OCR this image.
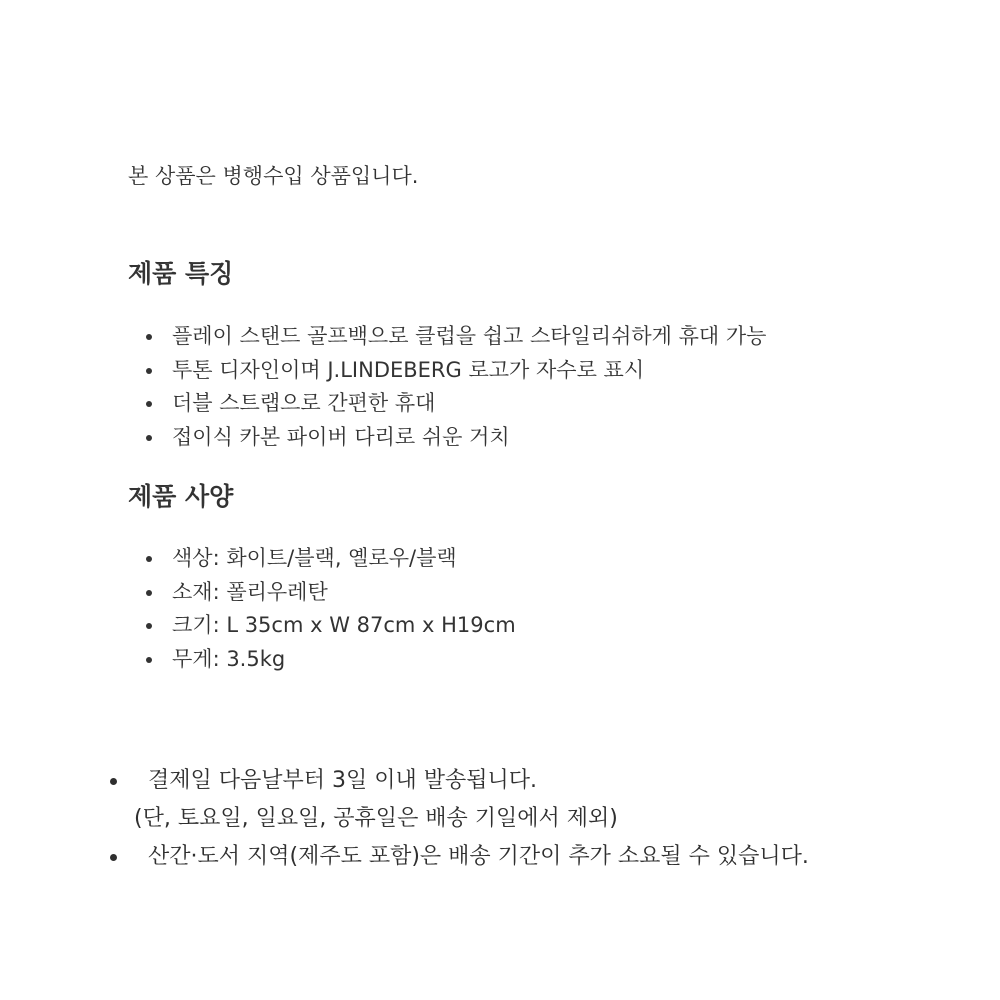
본 상품은 병행수입 상품입니다.

제품 특징
플레이 스탠드 골프백으로 클럽을 쉽고 스타일리쉬하게 휴대 가능
투톤 디자인이며 J.LINDEBERG 로고가 자수로 표시
더블 스트랩으로 간편한 휴대
접이식 카본 파이버 다리로 쉬운 거치
제품 사양
색상: 화이트/블랙, 옐로우/블랙
소재: 폴리우레탄
크기: L 35cm x W 87cm x H19cm
무게: 3.5kg
결제일 다음날부터 3일 이내 발송됩니다.
(단, 토요일, 일요일, 공휴일은 배송 기일에서 제외)
산간·도서 지역(제주도 포함)은 배송 기간이 추가 소요될 수 있습니다.
